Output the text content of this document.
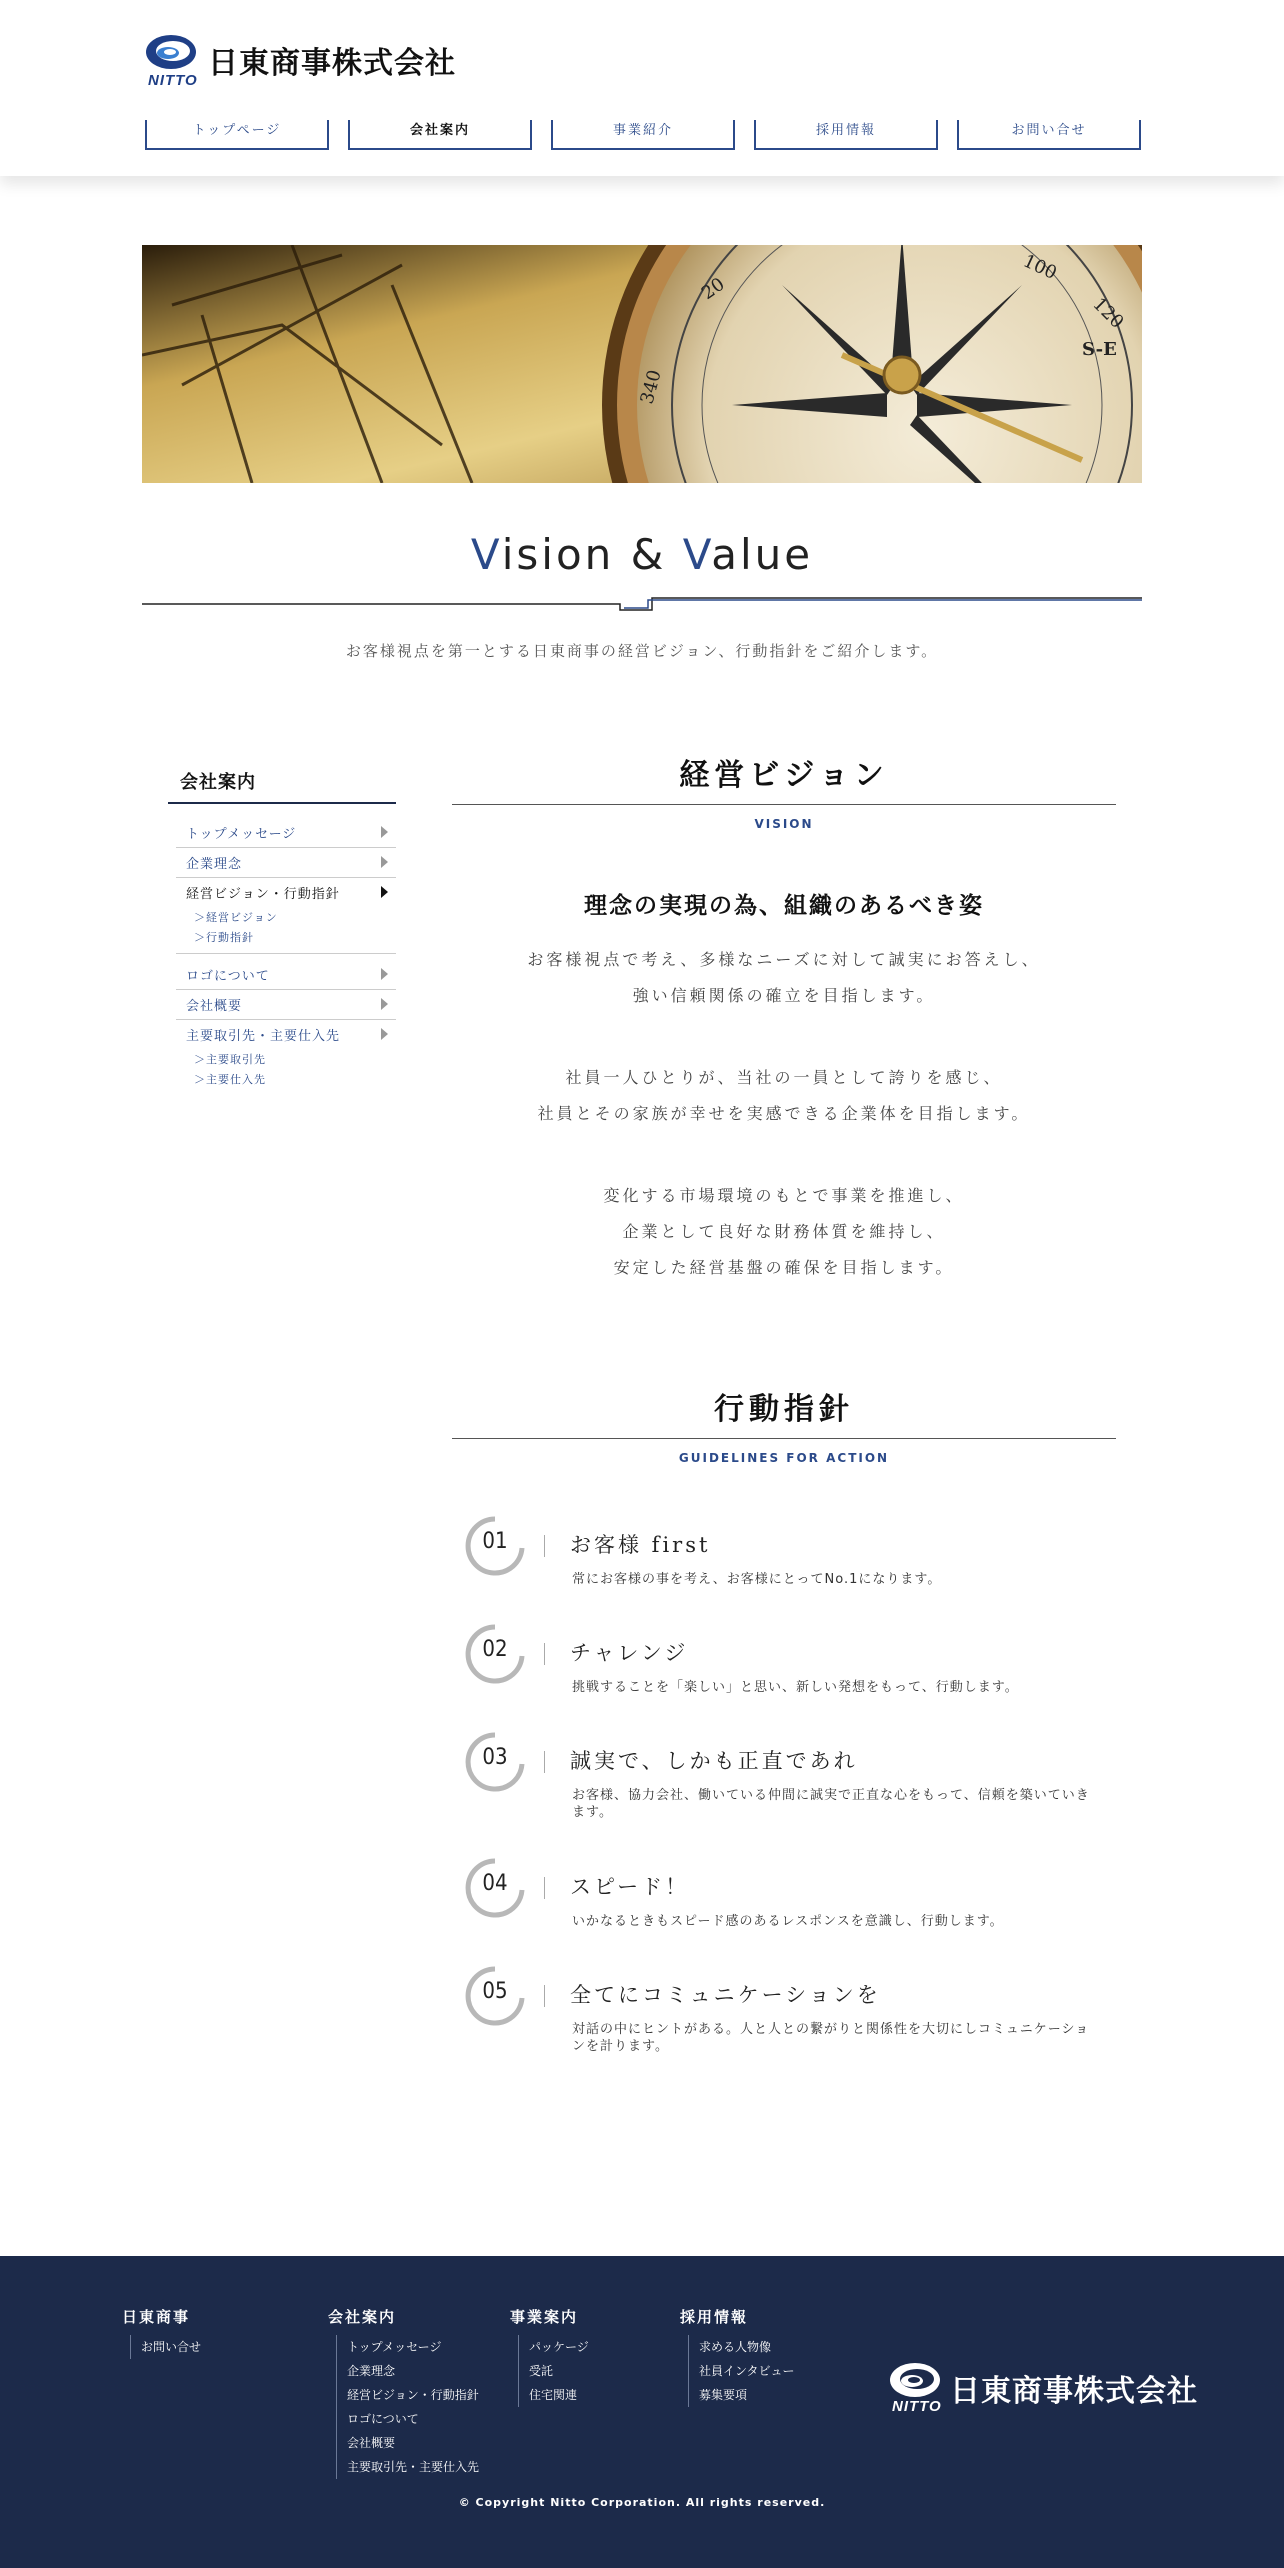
NITTO 日東商事株式会社
トップページ	会社案内	事業紹介	採用情報	お問い合せ
340
20
100
120
S-E
Vision & Value
お客様視点を第一とする日東商事の経営ビジョン、行動指針をご紹介します。
会社案内
トップメッセージ
企業理念
経営ビジョン・行動指針
＞経営ビジョン
＞行動指針
ロゴについて
会社概要
主要取引先・主要仕入先
＞主要取引先
＞主要仕入先
経営ビジョン
VISION
理念の実現の為、組織のあるべき姿
お客様視点で考え、多様なニーズに対して誠実にお答えし、
強い信頼関係の確立を目指します。
社員一人ひとりが、当社の一員として誇りを感じ、
社員とその家族が幸せを実感できる企業体を目指します。
変化する市場環境のもとで事業を推進し、
企業として良好な財務体質を維持し、
安定した経営基盤の確保を目指します。
行動指針
GUIDELINES FOR ACTION
01	お客様 first
常にお客様の事を考え、お客様にとってNo.1になります。
02	チャレンジ
挑戦することを「楽しい」と思い、新しい発想をもって、行動します。
03	誠実で、しかも正直であれ
お客様、協力会社、働いている仲間に誠実で正直な心をもって、信頼を築いていきます。
04	スピード！
いかなるときもスピード感のあるレスポンスを意識し、行動します。
05	全てにコミュニケーションを
対話の中にヒントがある。人と人との繋がりと関係性を大切にしコミュニケーションを計ります。
日東商事
お問い合せ
会社案内
トップメッセージ
企業理念
経営ビジョン・行動指針
ロゴについて
会社概要
主要取引先・主要仕入先
事業案内
パッケージ
受託
住宅関連
採用情報
求める人物像
社員インタビュー
募集要項
NITTO 日東商事株式会社
© Copyright Nitto Corporation. All rights reserved.
